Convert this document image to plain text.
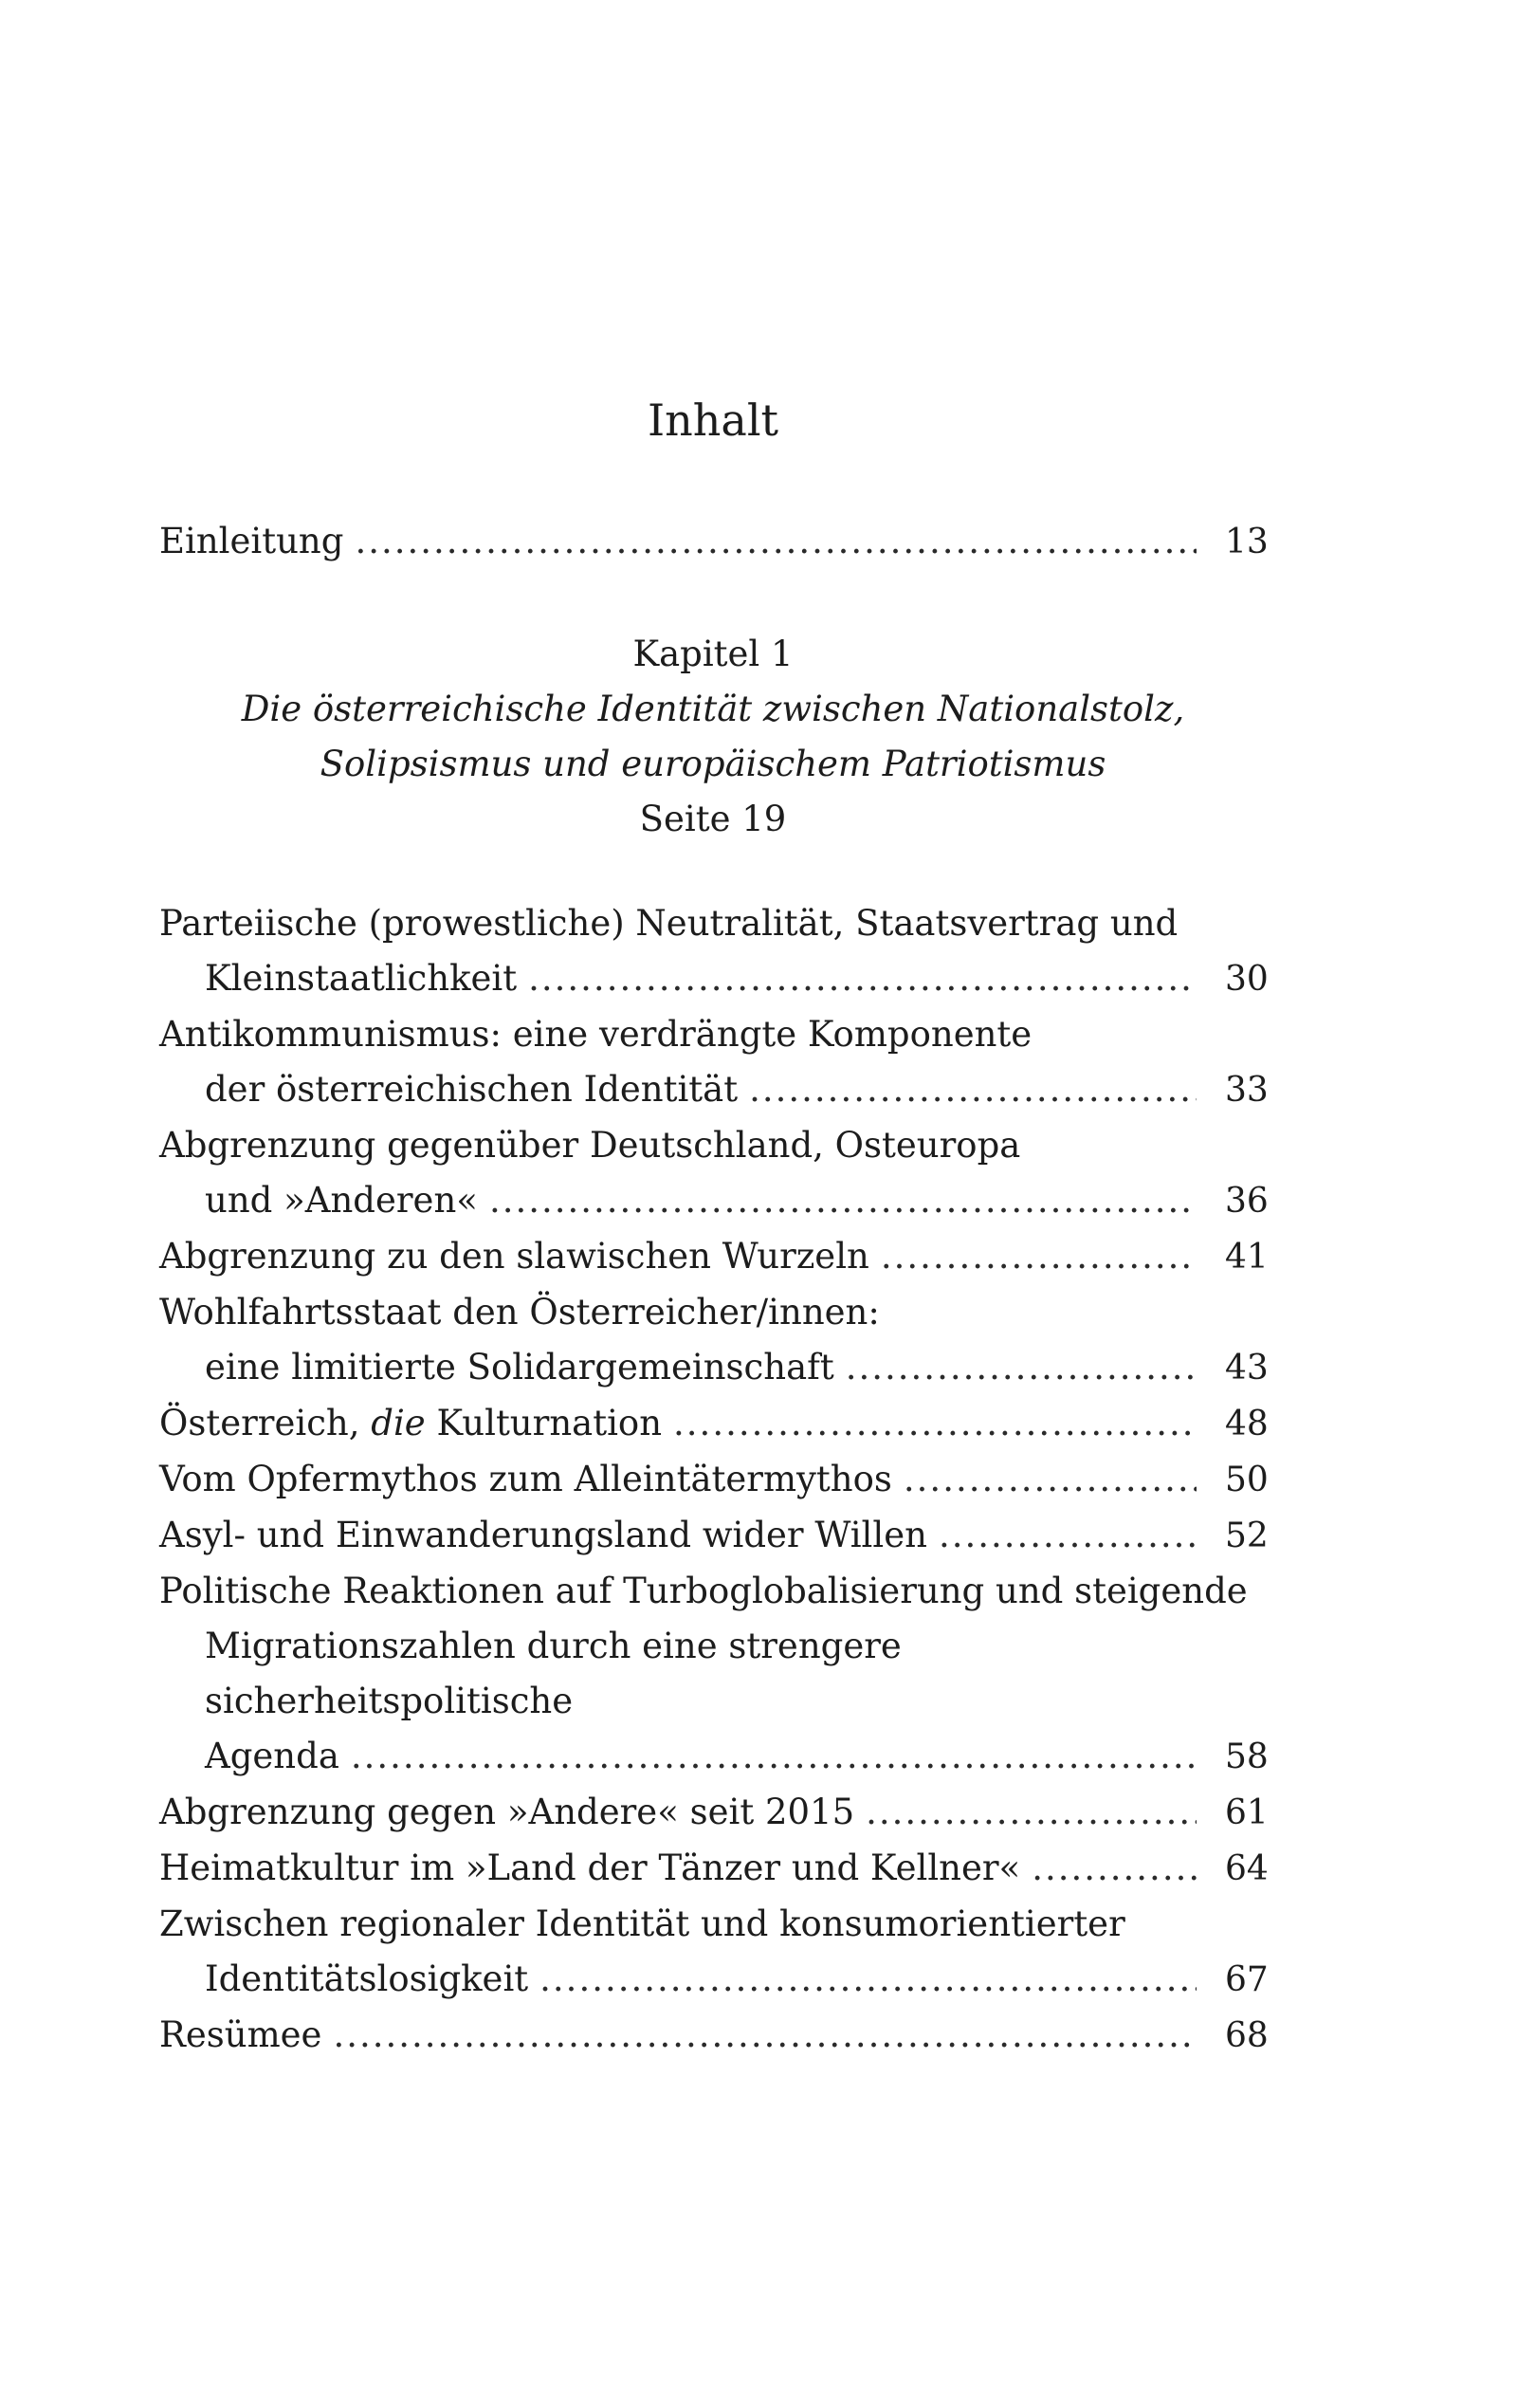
Inhalt
Einleitung .....	13
Kapitel 1
Die österreichische Identität zwischen Nationalstolz,
Solipsismus und europäischem Patriotismus
Seite 19
Parteiische (prowestliche) Neutralität, Staatsvertrag und
Kleinstaatlichkeit .....	30
Antikommunismus: eine verdrängte Komponente
der österreichischen Identität .....	33
Abgrenzung gegenüber Deutschland, Osteuropa
und »Anderen« .....	36
Abgrenzung zu den slawischen Wurzeln .....	41
Wohlfahrtsstaat den Österreicher/innen:
eine limitierte Solidargemeinschaft .....	43
Österreich, die Kulturnation .....	48
Vom Opfermythos zum Alleintätermythos .....	50
Asyl- und Einwanderungsland wider Willen .....	52
Politische Reaktionen auf Turboglobalisierung und steigende
Migrationszahlen durch eine strengere sicherheitspolitische
Agenda .....	58
Abgrenzung gegen »Andere« seit 2015 .....	61
Heimatkultur im »Land der Tänzer und Kellner« .....	64
Zwischen regionaler Identität und konsumorientierter
Identitätslosigkeit .....	67
Resümee .....	68
